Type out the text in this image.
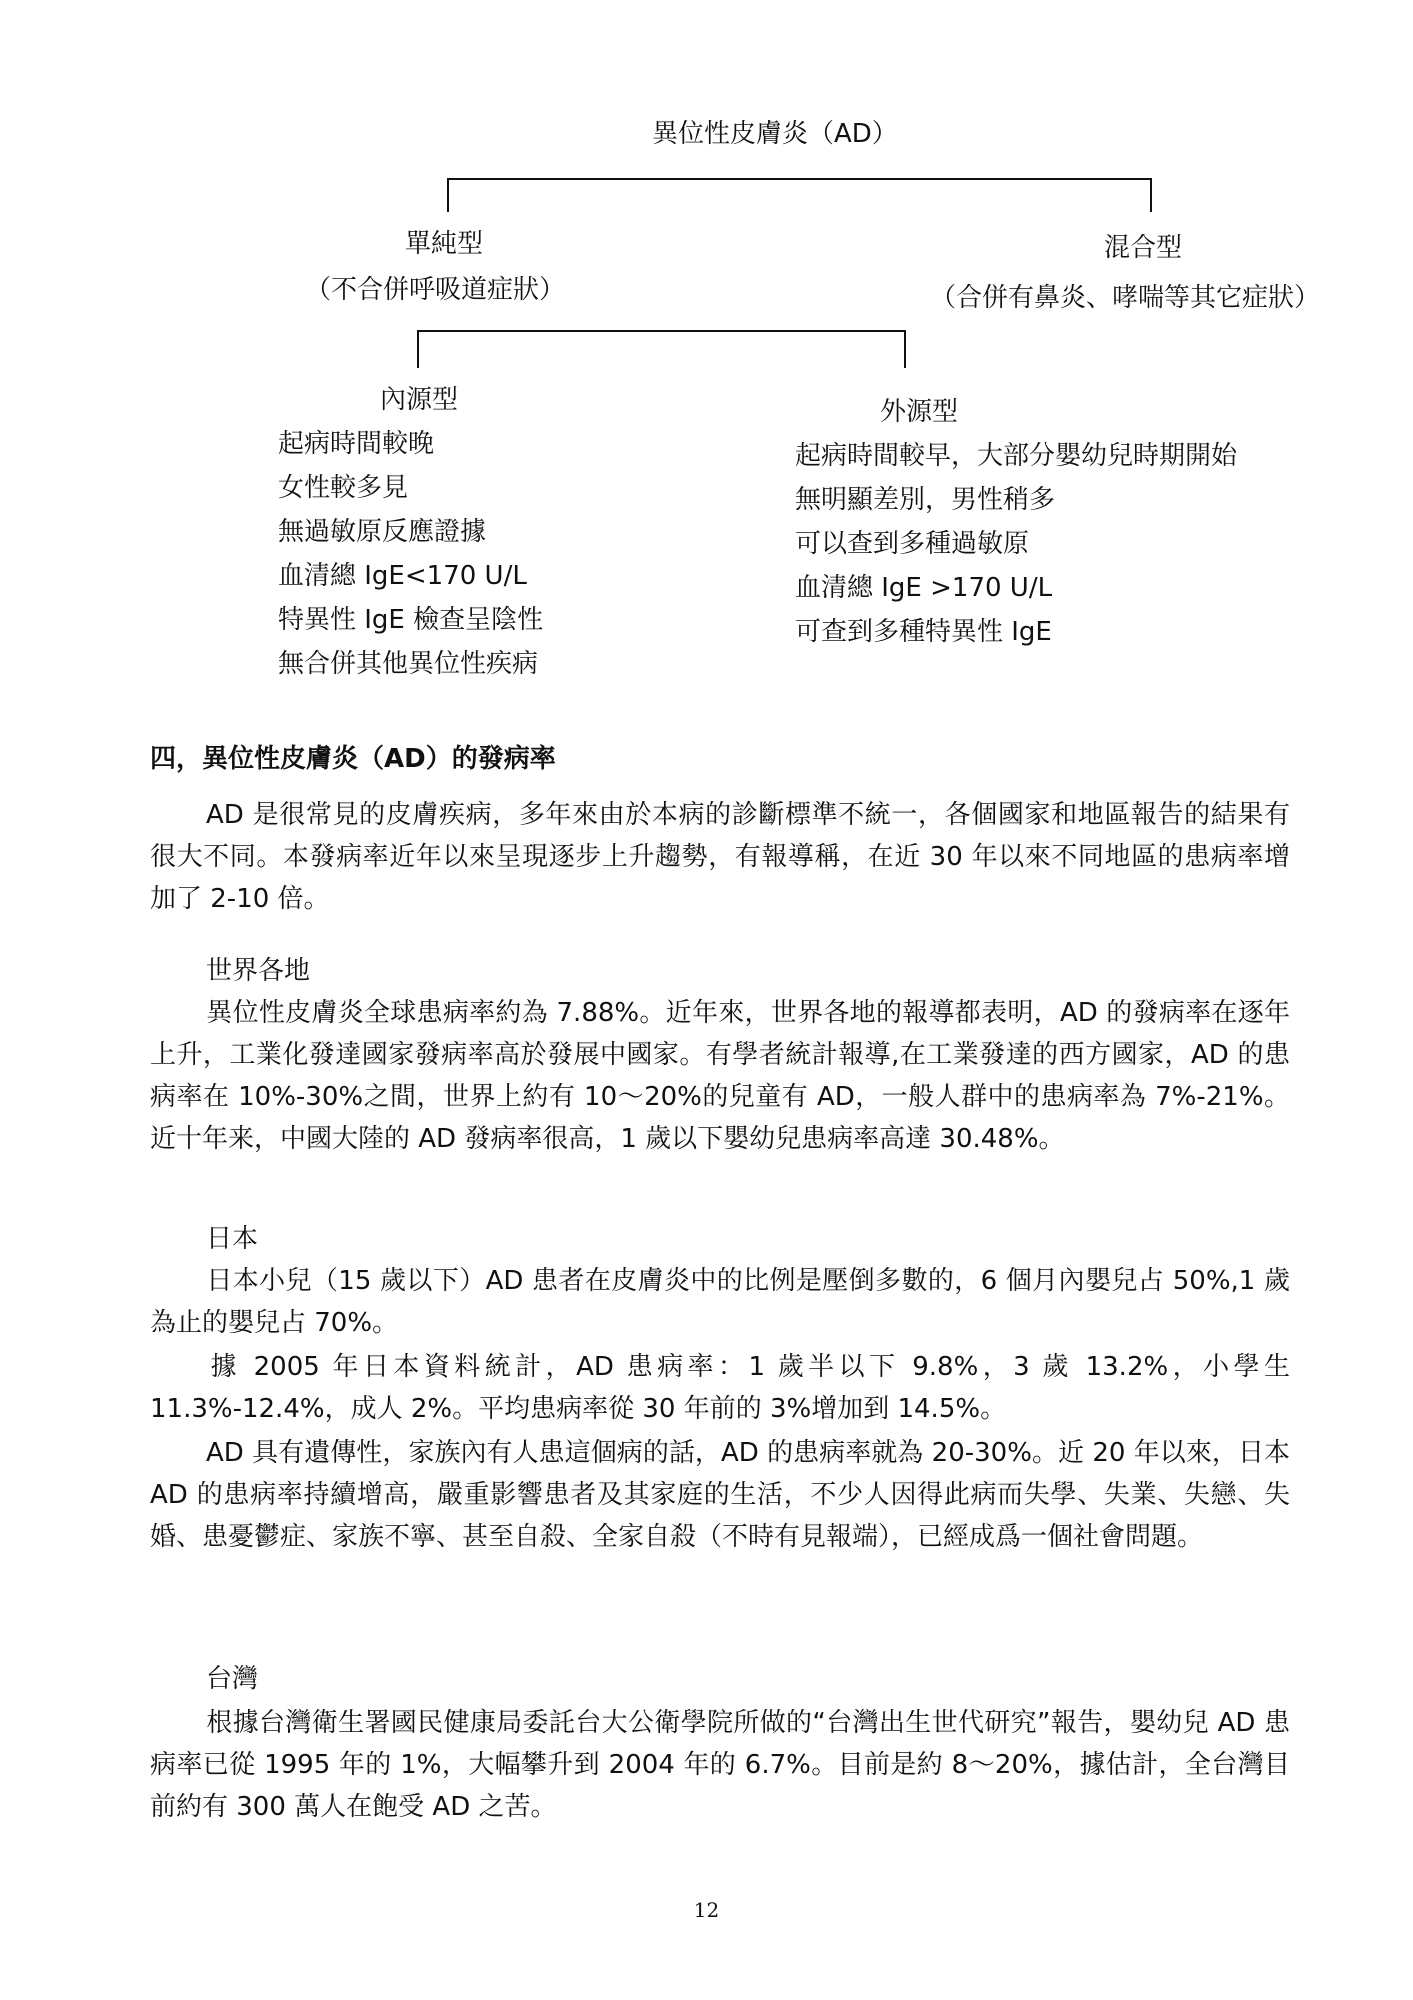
異位性皮膚炎（AD）
單純型
（不合併呼吸道症狀）
混合型
（合併有鼻炎、哮喘等其它症狀）
內源型	外源型
起病時間較晚
女性較多見
無過敏原反應證據
血清總 IgE<170 U/L
特異性 IgE 檢查呈陰性
無合併其他異位性疾病
起病時間較早，大部分嬰幼兒時期開始
無明顯差別，男性稍多
可以查到多種過敏原
血清總 IgE >170 U/L
可查到多種特異性 IgE
四，異位性皮膚炎（AD）的發病率

AD 是很常見的皮膚疾病，多年來由於本病的診斷標準不統一，各個國家和地區報告的結果有很大不同。本發病率近年以來呈現逐步上升趨勢，有報導稱，在近 30 年以來不同地區的患病率增加了 2-10 倍。

世界各地

異位性皮膚炎全球患病率約為 7.88%。近年來，世界各地的報導都表明，AD 的發病率在逐年上升，工業化發達國家發病率高於發展中國家。有學者統計報導,在工業發達的西方國家，AD 的患病率在 10%-30%之間，世界上約有 10～20%的兒童有 AD，一般人群中的患病率為 7%-21%。近十年来，中國大陸的 AD 發病率很高，1 歲以下嬰幼兒患病率高達 30.48%。

日本

日本小兒（15 歲以下）AD 患者在皮膚炎中的比例是壓倒多數的，6 個月內嬰兒占 50%,1 歲為止的嬰兒占 70%。

據 2005 年日本資料統計，AD 患病率：1 歲半以下 9.8%，3 歲 13.2%，小學生 11.3%-12.4%，成人 2%。平均患病率從 30 年前的 3%增加到 14.5%。

AD 具有遺傳性，家族內有人患這個病的話，AD 的患病率就為 20-30%。近 20 年以來，日本 AD 的患病率持續增高，嚴重影響患者及其家庭的生活，不少人因得此病而失學、失業、失戀、失婚、患憂鬱症、家族不寧、甚至自殺、全家自殺（不時有見報端），已經成爲一個社會問題。

台灣

根據台灣衛生署國民健康局委託台大公衛學院所做的“台灣出生世代研究”報告，嬰幼兒 AD 患病率已從 1995 年的 1%，大幅攀升到 2004 年的 6.7%。目前是約 8～20%，據估計，全台灣目前約有 300 萬人在飽受 AD 之苦。

12
